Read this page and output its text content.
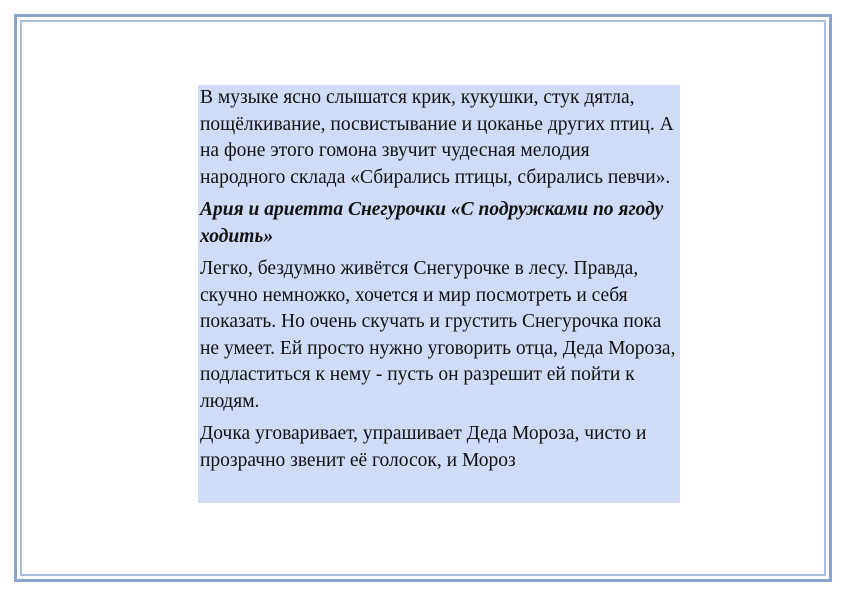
В музыке ясно слышатся крик, кукушки, стук дятла, пощёлкивание, посвистывание и цоканье других птиц. А на фоне этого гомона звучит чудесная мелодия народного склада «Сбирались птицы, сбирались певчи».

Ария и ариетта Снегурочки «С подружками по ягоду ходить»

Легко, бездумно живётся Снегурочке в лесу. Правда, скучно немножко, хочется и мир посмотреть и себя показать. Но очень скучать и грустить Снегурочка пока не умеет. Ей просто нужно уговорить отца, Деда Мороза, подластиться к нему - пусть он разрешит ей пойти к людям.

Дочка уговаривает, упрашивает Деда Мороза, чисто и прозрачно звенит её голосок, и Мороз
